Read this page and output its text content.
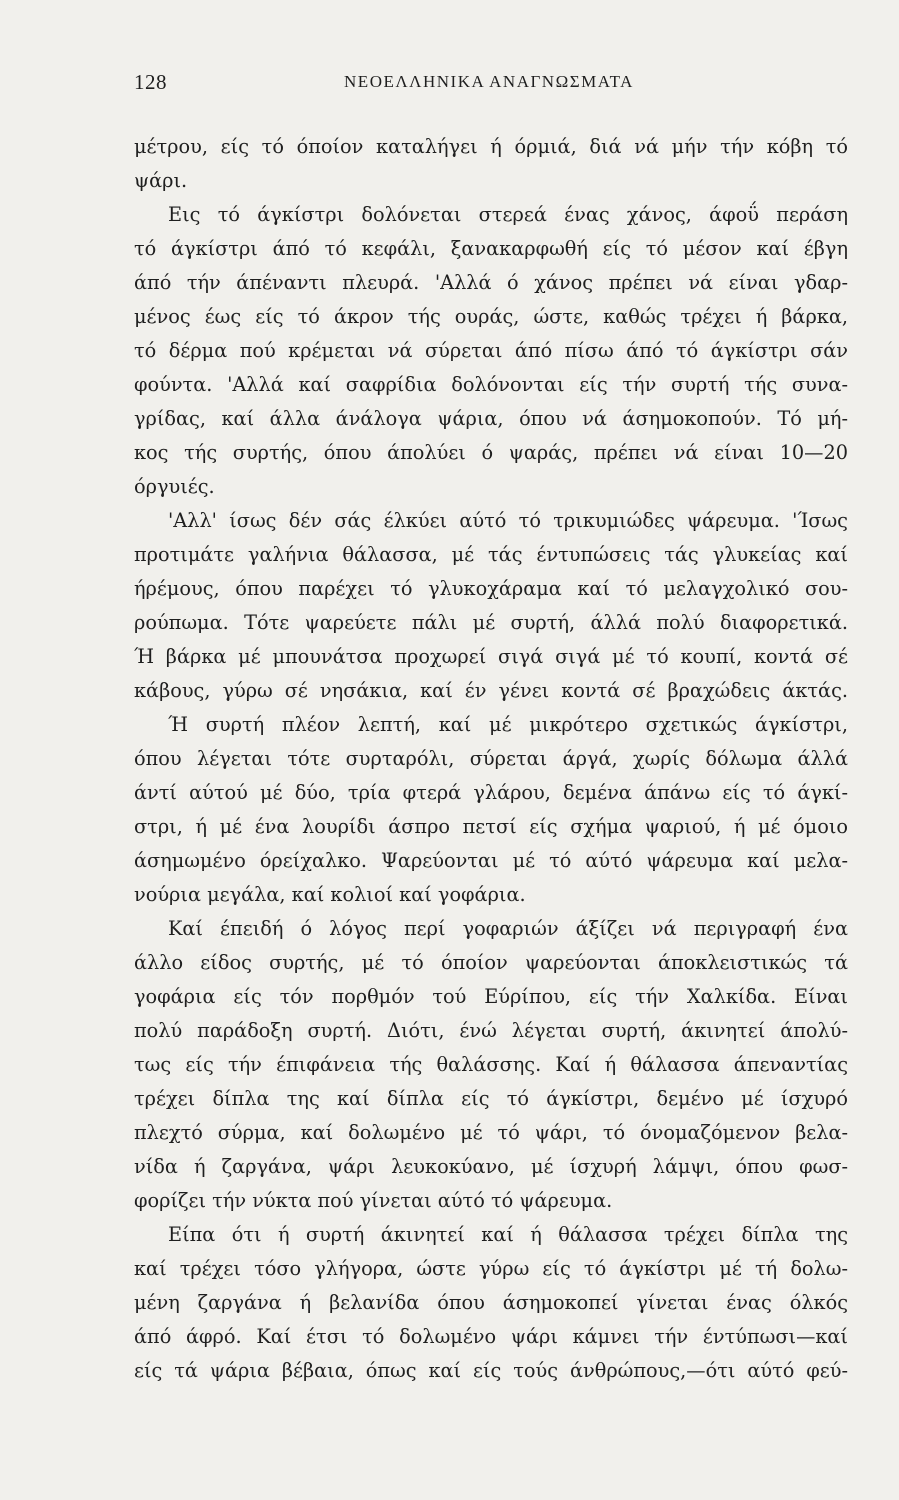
128	ΝΕΟΕΛΛΗΝΙΚΑ ΑΝΑΓΝΩΣΜΑΤΑ
μέτρου, είς τό όποίον καταλήγει ή όρμιά, διά νά μήν τήν κόβη τό
ψάρι.
Εις τό άγκίστρι δολόνεται στερεά ένας χάνος, άφοΰ περάση
τό άγκίστρι άπό τό κεφάλι, ξανακαρφωθή είς τό μέσον καί έβγη
άπό τήν άπέναντι πλευρά. 'Αλλά ό χάνος πρέπει νά είναι γδαρ-
μένος έως είς τό άκρον τής ουράς, ώστε, καθώς τρέχει ή βάρκα,
τό δέρμα πού κρέμεται νά σύρεται άπό πίσω άπό τό άγκίστρι σάν
φούντα. 'Αλλά καί σαφρίδια δολόνονται είς τήν συρτή τής συνα-
γρίδας, καί άλλα άνάλογα ψάρια, όπου νά άσημοκοπούν. Τό μή-
κος τής συρτής, όπου άπολύει ό ψαράς, πρέπει νά είναι 10—20
όργυιές.
'Αλλ' ίσως δέν σάς έλκύει αύτό τό τρικυμιώδες ψάρευμα. 'Ίσως
προτιμάτε γαλήνια θάλασσα, μέ τάς έντυπώσεις τάς γλυκείας καί
ήρέμους, όπου παρέχει τό γλυκοχάραμα καί τό μελαγχολικό σου-
ρούπωμα. Τότε ψαρεύετε πάλι μέ συρτή, άλλά πολύ διαφορετικά.
Ή βάρκα μέ μπουνάτσα προχωρεί σιγά σιγά μέ τό κουπί, κοντά σέ
κάβους, γύρω σέ νησάκια, καί έν γένει κοντά σέ βραχώδεις άκτάς.
Ή συρτή πλέον λεπτή, καί μέ μικρότερο σχετικώς άγκίστρι,
όπου λέγεται τότε συρταρόλι, σύρεται άργά, χωρίς δόλωμα άλλά
άντί αύτού μέ δύο, τρία φτερά γλάρου, δεμένα άπάνω είς τό άγκί-
στρι, ή μέ ένα λουρίδι άσπρο πετσί είς σχήμα ψαριού, ή μέ όμοιο
άσημωμένο όρείχαλκο. Ψαρεύονται μέ τό αύτό ψάρευμα καί μελα-
νούρια μεγάλα, καί κολιοί καί γοφάρια.
Καί έπειδή ό λόγος περί γοφαριών άξίζει νά περιγραφή ένα
άλλο είδος συρτής, μέ τό όποίον ψαρεύονται άποκλειστικώς τά
γοφάρια είς τόν πορθμόν τού Εύρίπου, είς τήν Χαλκίδα. Είναι
πολύ παράδοξη συρτή. Διότι, ένώ λέγεται συρτή, άκινητεί άπολύ-
τως είς τήν έπιφάνεια τής θαλάσσης. Καί ή θάλασσα άπεναντίας
τρέχει δίπλα της καί δίπλα είς τό άγκίστρι, δεμένο μέ ίσχυρό
πλεχτό σύρμα, καί δολωμένο μέ τό ψάρι, τό όνομαζόμενον βελα-
νίδα ή ζαργάνα, ψάρι λευκοκύανο, μέ ίσχυρή λάμψι, όπου φωσ-
φορίζει τήν νύκτα πού γίνεται αύτό τό ψάρευμα.
Είπα ότι ή συρτή άκινητεί καί ή θάλασσα τρέχει δίπλα της
καί τρέχει τόσο γλήγορα, ώστε γύρω είς τό άγκίστρι μέ τή δολω-
μένη ζαργάνα ή βελανίδα όπου άσημοκοπεί γίνεται ένας όλκός
άπό άφρό. Καί έτσι τό δολωμένο ψάρι κάμνει τήν έντύπωσι—καί
είς τά ψάρια βέβαια, όπως καί είς τούς άνθρώπους,—ότι αύτό φεύ-
